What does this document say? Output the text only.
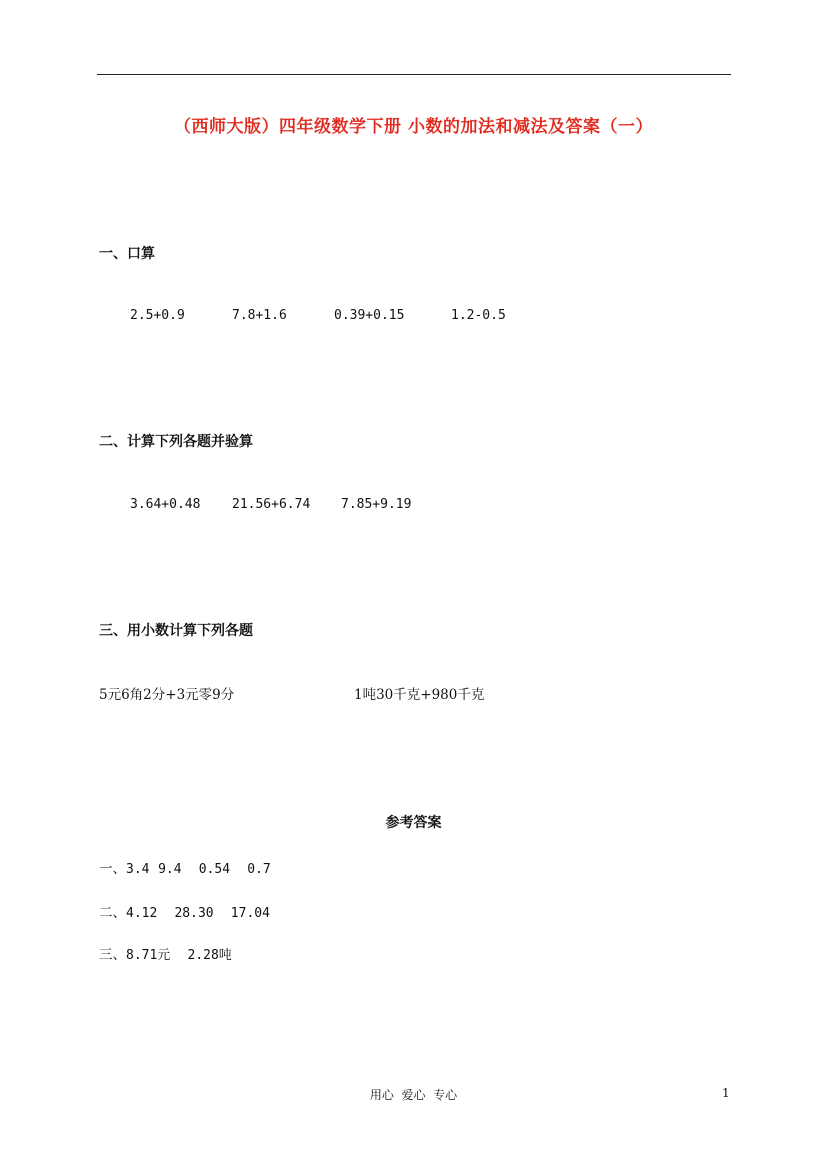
（西师大版）四年级数学下册 小数的加法和减法及答案（一）
一、口算
2.5+0.9	7.8+1.6	0.39+0.15	1.2-0.5
二、计算下列各题并验算
3.64+0.48 21.56+6.74 7.85+9.19
三、用小数计算下列各题
5元6角2分+3元零9分	1吨30千克+980千克
参考答案
一、3.4 9.4 0.54 0.7
二、4.12 28.30 17.04
三、8.71元 2.28吨
用心  爱心  专心	1
